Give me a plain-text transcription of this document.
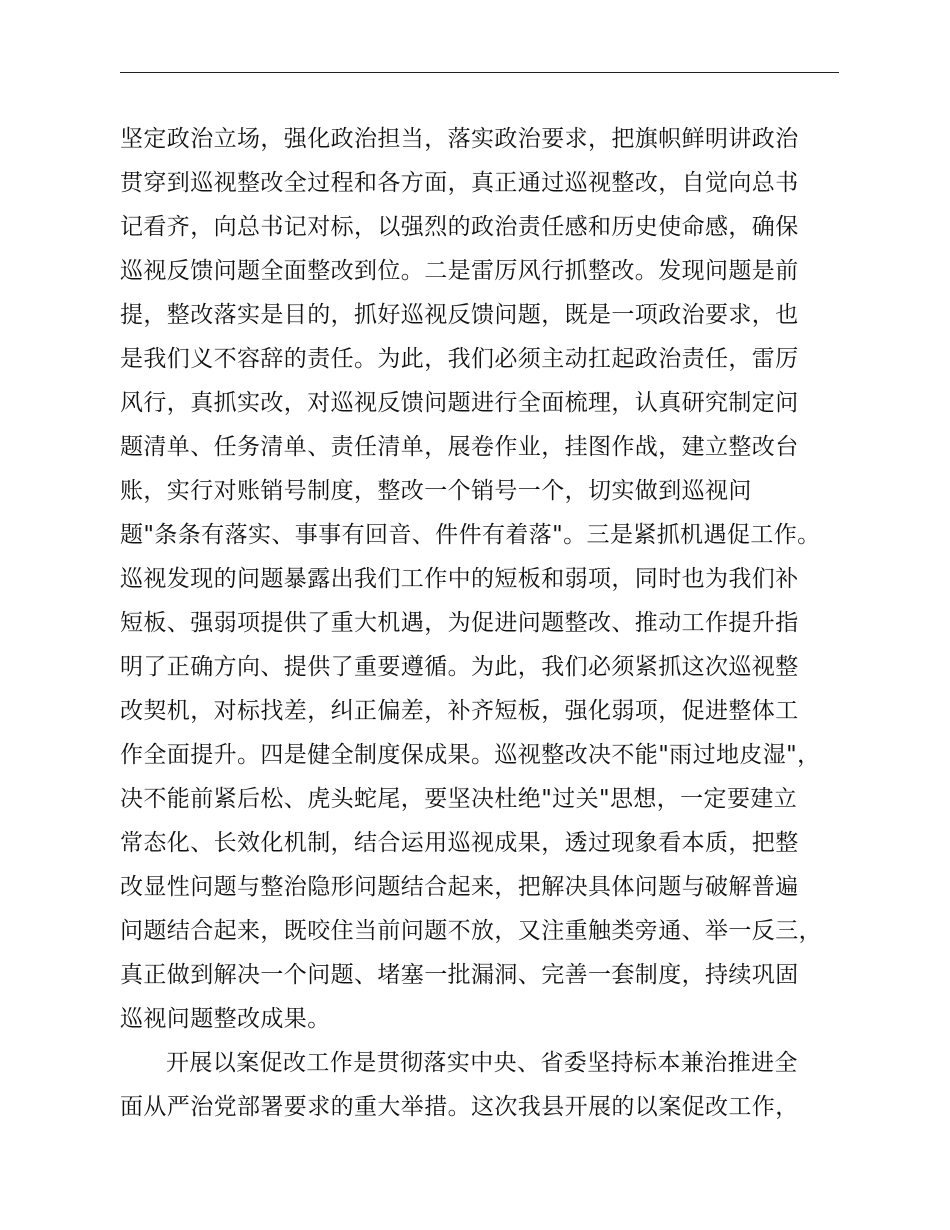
坚定政治立场，强化政治担当，落实政治要求，把旗帜鲜明讲政治
贯穿到巡视整改全过程和各方面，真正通过巡视整改，自觉向总书
记看齐，向总书记对标，以强烈的政治责任感和历史使命感，确保
巡视反馈问题全面整改到位。二是雷厉风行抓整改。发现问题是前
提，整改落实是目的，抓好巡视反馈问题，既是一项政治要求，也
是我们义不容辞的责任。为此，我们必须主动扛起政治责任，雷厉
风行，真抓实改，对巡视反馈问题进行全面梳理，认真研究制定问
题清单、任务清单、责任清单，展卷作业，挂图作战，建立整改台
账，实行对账销号制度，整改一个销号一个，切实做到巡视问
题"条条有落实、事事有回音、件件有着落"。三是紧抓机遇促工作。
巡视发现的问题暴露出我们工作中的短板和弱项，同时也为我们补
短板、强弱项提供了重大机遇，为促进问题整改、推动工作提升指
明了正确方向、提供了重要遵循。为此，我们必须紧抓这次巡视整
改契机，对标找差，纠正偏差，补齐短板，强化弱项，促进整体工
作全面提升。四是健全制度保成果。巡视整改决不能"雨过地皮湿"，
决不能前紧后松、虎头蛇尾，要坚决杜绝"过关"思想，一定要建立
常态化、长效化机制，结合运用巡视成果，透过现象看本质，把整
改显性问题与整治隐形问题结合起来，把解决具体问题与破解普遍
问题结合起来，既咬住当前问题不放，又注重触类旁通、举一反三，
真正做到解决一个问题、堵塞一批漏洞、完善一套制度，持续巩固
巡视问题整改成果。
开展以案促改工作是贯彻落实中央、省委坚持标本兼治推进全
面从严治党部署要求的重大举措。这次我县开展的以案促改工作，
